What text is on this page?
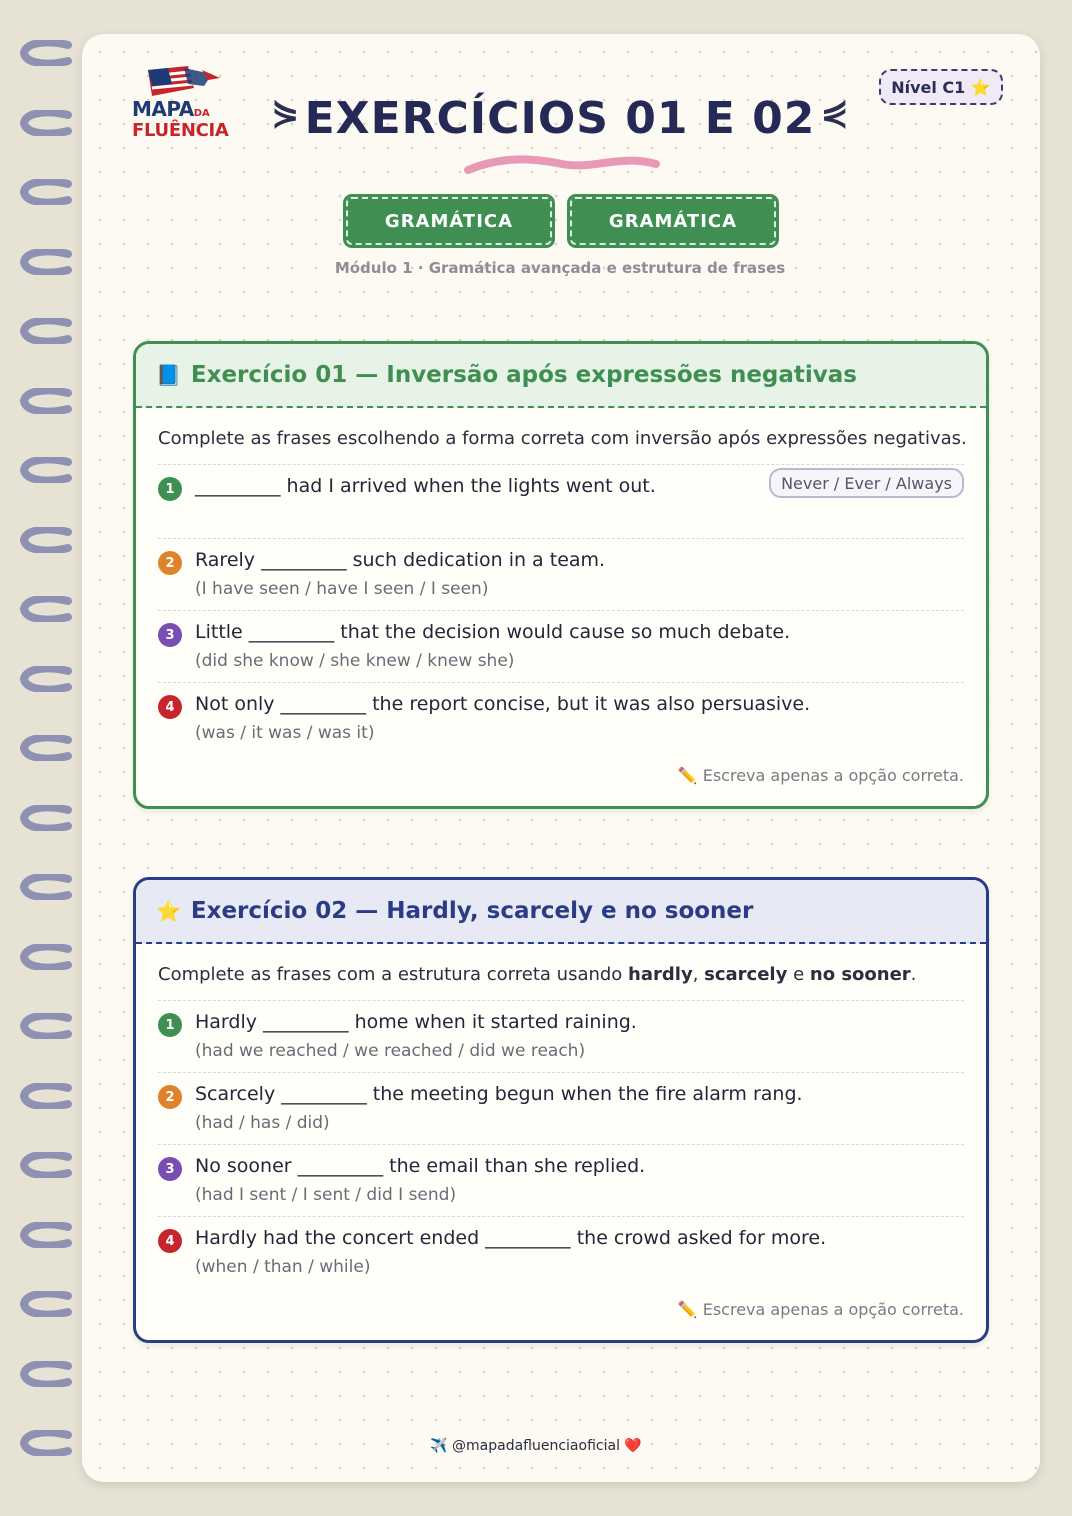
MAPADA
FLUÊNCIA
Nível C1 ⭐
⋟ EXERCÍCIOS 01 E 02 ⋞
GRAMÁTICA	GRAMÁTICA
Módulo 1 · Gramática avançada e estrutura de frases
📘 Exercício 01 — Inversão após expressões negativas
Complete as frases escolhendo a forma correta com inversão após expressões negativas.
1	_________ had I arrived when the lights went out.	Never / Ever / Always
2	Rarely _________ such dedication in a team.
(I have seen / have I seen / I seen)
3	Little _________ that the decision would cause so much debate.
(did she know / she knew / knew she)
4	Not only _________ the report concise, but it was also persuasive.
(was / it was / was it)
✏️ Escreva apenas a opção correta.
⭐ Exercício 02 — Hardly, scarcely e no sooner
Complete as frases com a estrutura correta usando hardly, scarcely e no sooner.
1	Hardly _________ home when it started raining.
(had we reached / we reached / did we reach)
2	Scarcely _________ the meeting begun when the fire alarm rang.
(had / has / did)
3	No sooner _________ the email than she replied.
(had I sent / I sent / did I send)
4	Hardly had the concert ended _________ the crowd asked for more.
(when / than / while)
✏️ Escreva apenas a opção correta.
✈️ @mapadafluenciaoficial ❤️
